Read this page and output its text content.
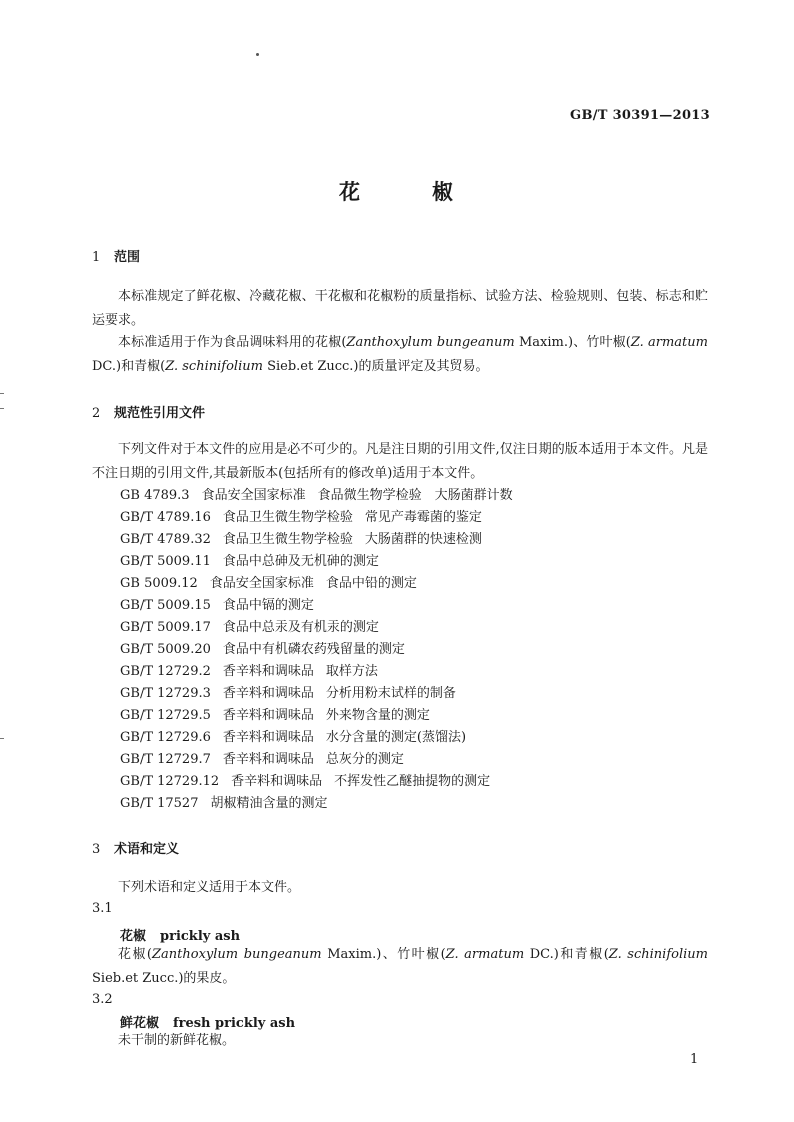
GB/T 30391—2013
花	椒
1 范围

本标准规定了鲜花椒、冷藏花椒、干花椒和花椒粉的质量指标、试验方法、检验规则、包装、标志和贮运要求。

本标准适用于作为食品调味料用的花椒(Zanthoxylum bungeanum Maxim.)、竹叶椒(Z. armatum DC.)和青椒(Z. schinifolium Sieb.et Zucc.)的质量评定及其贸易。

2 规范性引用文件

下列文件对于本文件的应用是必不可少的。凡是注日期的引用文件,仅注日期的版本适用于本文件。凡是不注日期的引用文件,其最新版本(包括所有的修改单)适用于本文件。

GB 4789.3 食品安全国家标准 食品微生物学检验　大肠菌群计数
GB/T 4789.16 食品卫生微生物学检验 常见产毒霉菌的鉴定
GB/T 4789.32 食品卫生微生物学检验 大肠菌群的快速检测
GB/T 5009.11 食品中总砷及无机砷的测定
GB 5009.12 食品安全国家标准 食品中铅的测定
GB/T 5009.15 食品中镉的测定
GB/T 5009.17 食品中总汞及有机汞的测定
GB/T 5009.20 食品中有机磷农药残留量的测定
GB/T 12729.2 香辛料和调味品 取样方法
GB/T 12729.3 香辛料和调味品 分析用粉末试样的制备
GB/T 12729.5 香辛料和调味品 外来物含量的测定
GB/T 12729.6 香辛料和调味品 水分含量的测定(蒸馏法)
GB/T 12729.7 香辛料和调味品 总灰分的测定
GB/T 12729.12 香辛料和调味品 不挥发性乙醚抽提物的测定
GB/T 17527 胡椒精油含量的测定
3 术语和定义

下列术语和定义适用于本文件。

3.1
花椒 prickly ash

花椒(Zanthoxylum bungeanum Maxim.)、竹叶椒(Z. armatum DC.)和青椒(Z. schinifolium Sieb.et Zucc.)的果皮。

3.2
鲜花椒 fresh prickly ash

未干制的新鲜花椒。

1
